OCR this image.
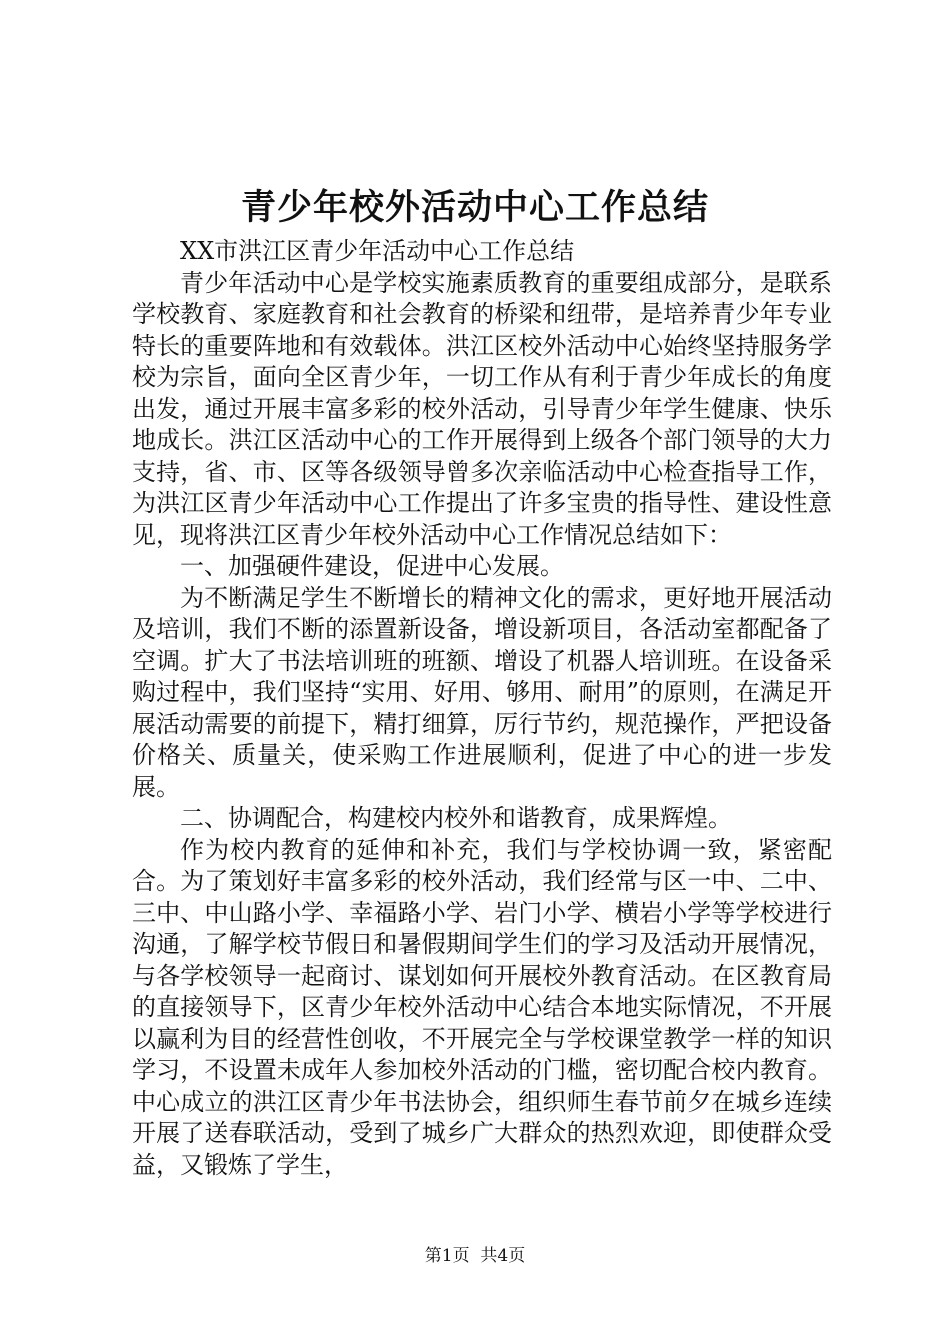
青少年校外活动中心工作总结

XX市洪江区青少年活动中心工作总结

青少年活动中心是学校实施素质教育的重要组成部分，是联系学校教育、家庭教育和社会教育的桥梁和纽带，是培养青少年专业特长的重要阵地和有效载体。洪江区校外活动中心始终坚持服务学校为宗旨，面向全区青少年，一切工作从有利于青少年成长的角度出发，通过开展丰富多彩的校外活动，引导青少年学生健康、快乐地成长。洪江区活动中心的工作开展得到上级各个部门领导的大力支持，省、市、区等各级领导曾多次亲临活动中心检查指导工作，为洪江区青少年活动中心工作提出了许多宝贵的指导性、建设性意见，现将洪江区青少年校外活动中心工作情况总结如下：

一、加强硬件建设，促进中心发展。

为不断满足学生不断增长的精神文化的需求，更好地开展活动及培训，我们不断的添置新设备，增设新项目，各活动室都配备了空调。扩大了书法培训班的班额、增设了机器人培训班。在设备采购过程中，我们坚持“实用、好用、够用、耐用”的原则，在满足开展活动需要的前提下，精打细算，厉行节约，规范操作，严把设备价格关、质量关，使采购工作进展顺利，促进了中心的进一步发展。

二、协调配合，构建校内校外和谐教育，成果辉煌。

作为校内教育的延伸和补充，我们与学校协调一致，紧密配合。为了策划好丰富多彩的校外活动，我们经常与区一中、二中、三中、中山路小学、幸福路小学、岩门小学、横岩小学等学校进行沟通，了解学校节假日和暑假期间学生们的学习及活动开展情况，与各学校领导一起商讨、谋划如何开展校外教育活动。在区教育局的直接领导下，区青少年校外活动中心结合本地实际情况，不开展以赢利为目的经营性创收，不开展完全与学校课堂教学一样的知识学习，不设置未成年人参加校外活动的门槛，密切配合校内教育。中心成立的洪江区青少年书法协会，组织师生春节前夕在城乡连续开展了送春联活动，受到了城乡广大群众的热烈欢迎，即使群众受益，又锻炼了学生，

第1页  共4页
